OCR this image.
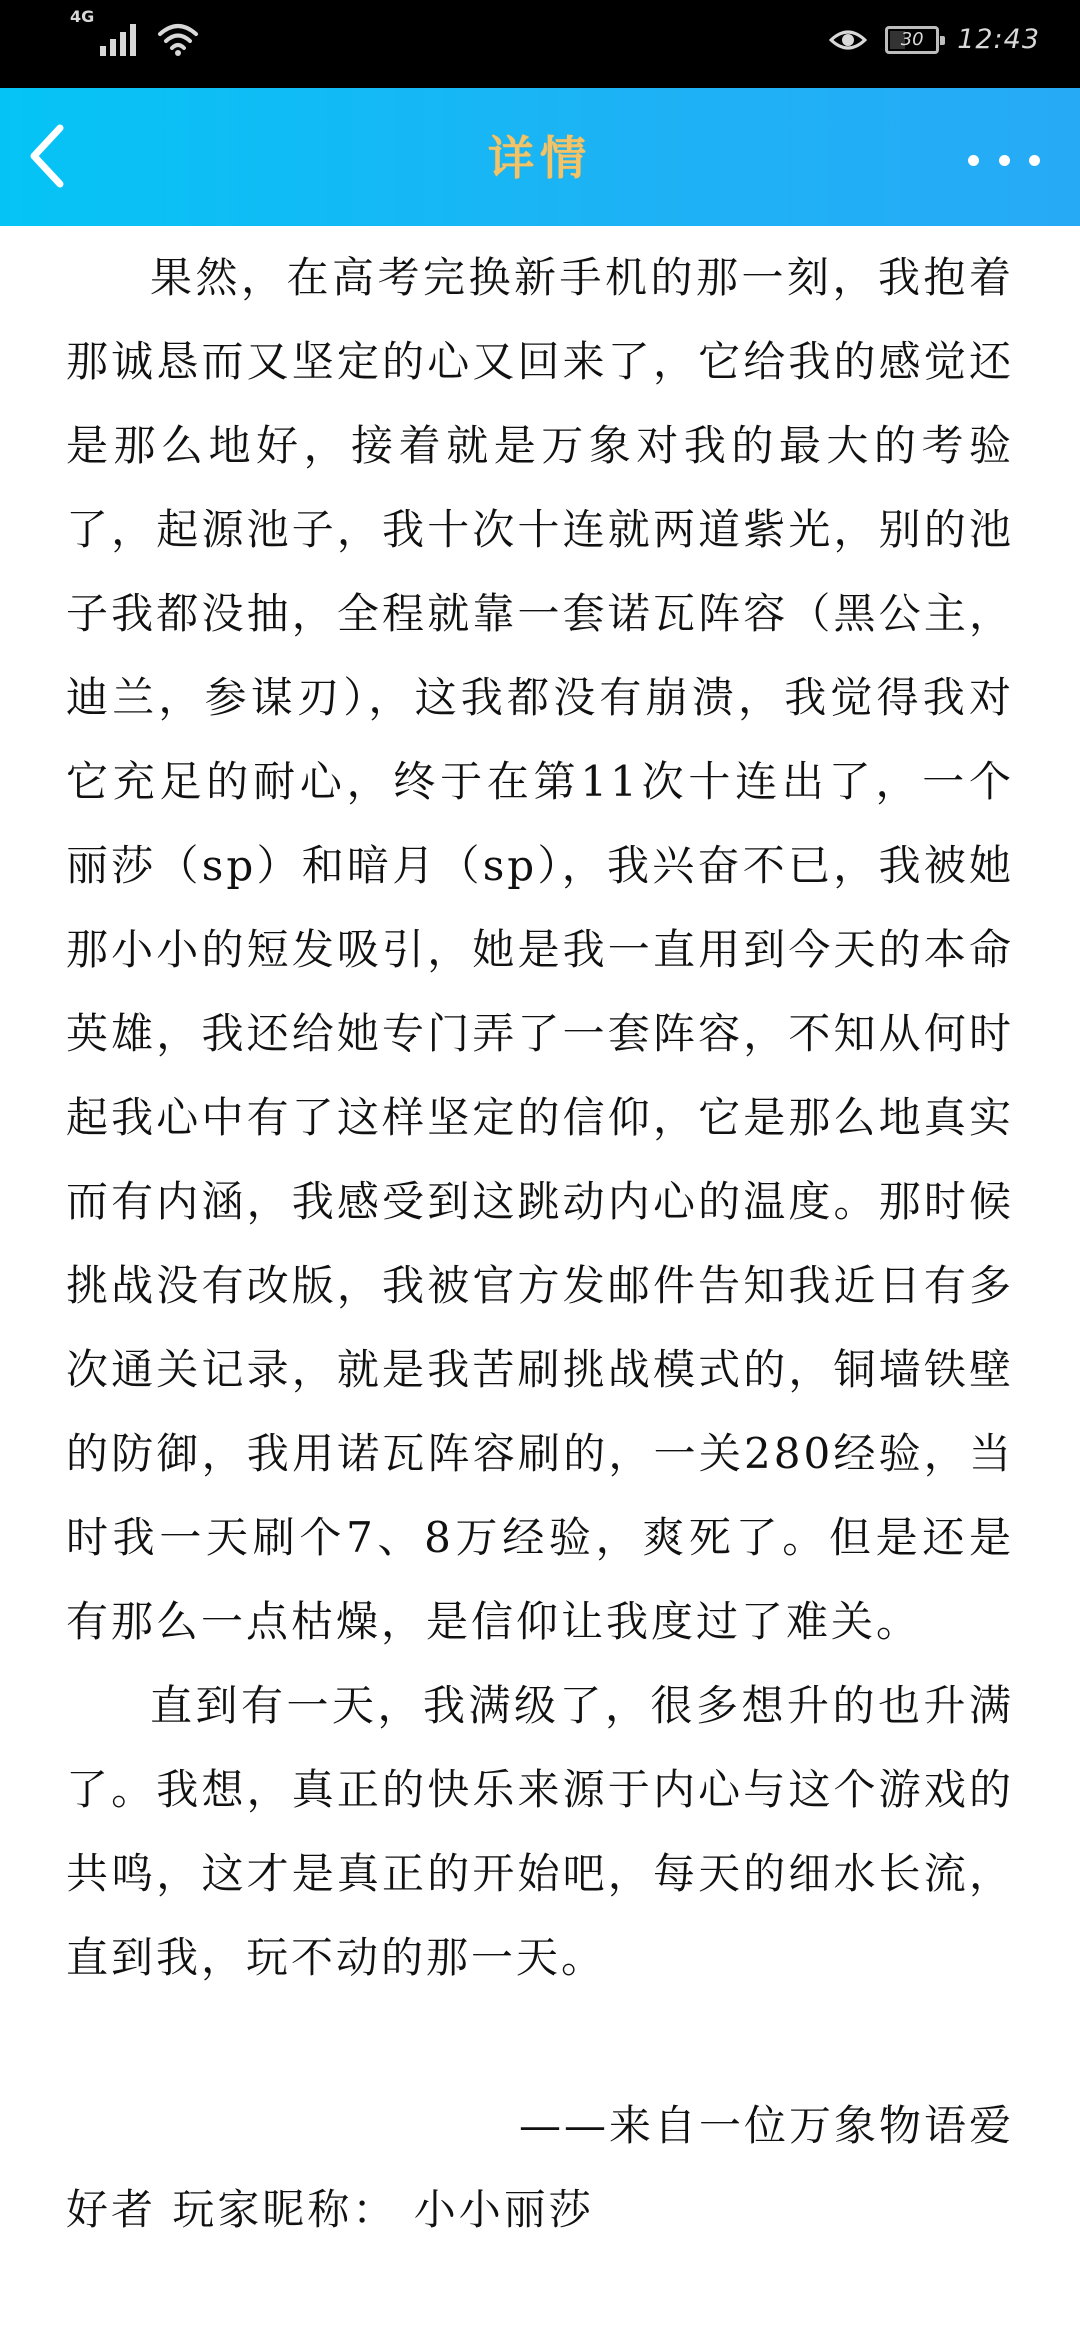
4G
30 12:43
详情

果然，在高考完换新手机的那一刻，我抱着那诚恳而又坚定的心又回来了，它给我的感觉还是那么地好，接着就是万象对我的最大的考验了，起源池子，我十次十连就两道紫光，别的池子我都没抽，全程就靠一套诺瓦阵容（黑公主，迪兰，参谋刃），这我都没有崩溃，我觉得我对它充足的耐心，终于在第11次十连出了，一个丽莎（sp）和暗月（sp），我兴奋不已，我被她那小小的短发吸引，她是我一直用到今天的本命英雄，我还给她专门弄了一套阵容，不知从何时起我心中有了这样坚定的信仰，它是那么地真实而有内涵，我感受到这跳动内心的温度。那时候挑战没有改版，我被官方发邮件告知我近日有多次通关记录，就是我苦刷挑战模式的，铜墙铁壁的防御，我用诺瓦阵容刷的，一关280经验，当时我一天刷个7、8万经验，爽死了。但是还是有那么一点枯燥，是信仰让我度过了难关。

直到有一天，我满级了，很多想升的也升满了。我想，真正的快乐来源于内心与这个游戏的共鸣，这才是真正的开始吧，每天的细水长流，直到我，玩不动的那一天。

——来自一位万象物语爱
好者 玩家昵称： 小小丽莎
